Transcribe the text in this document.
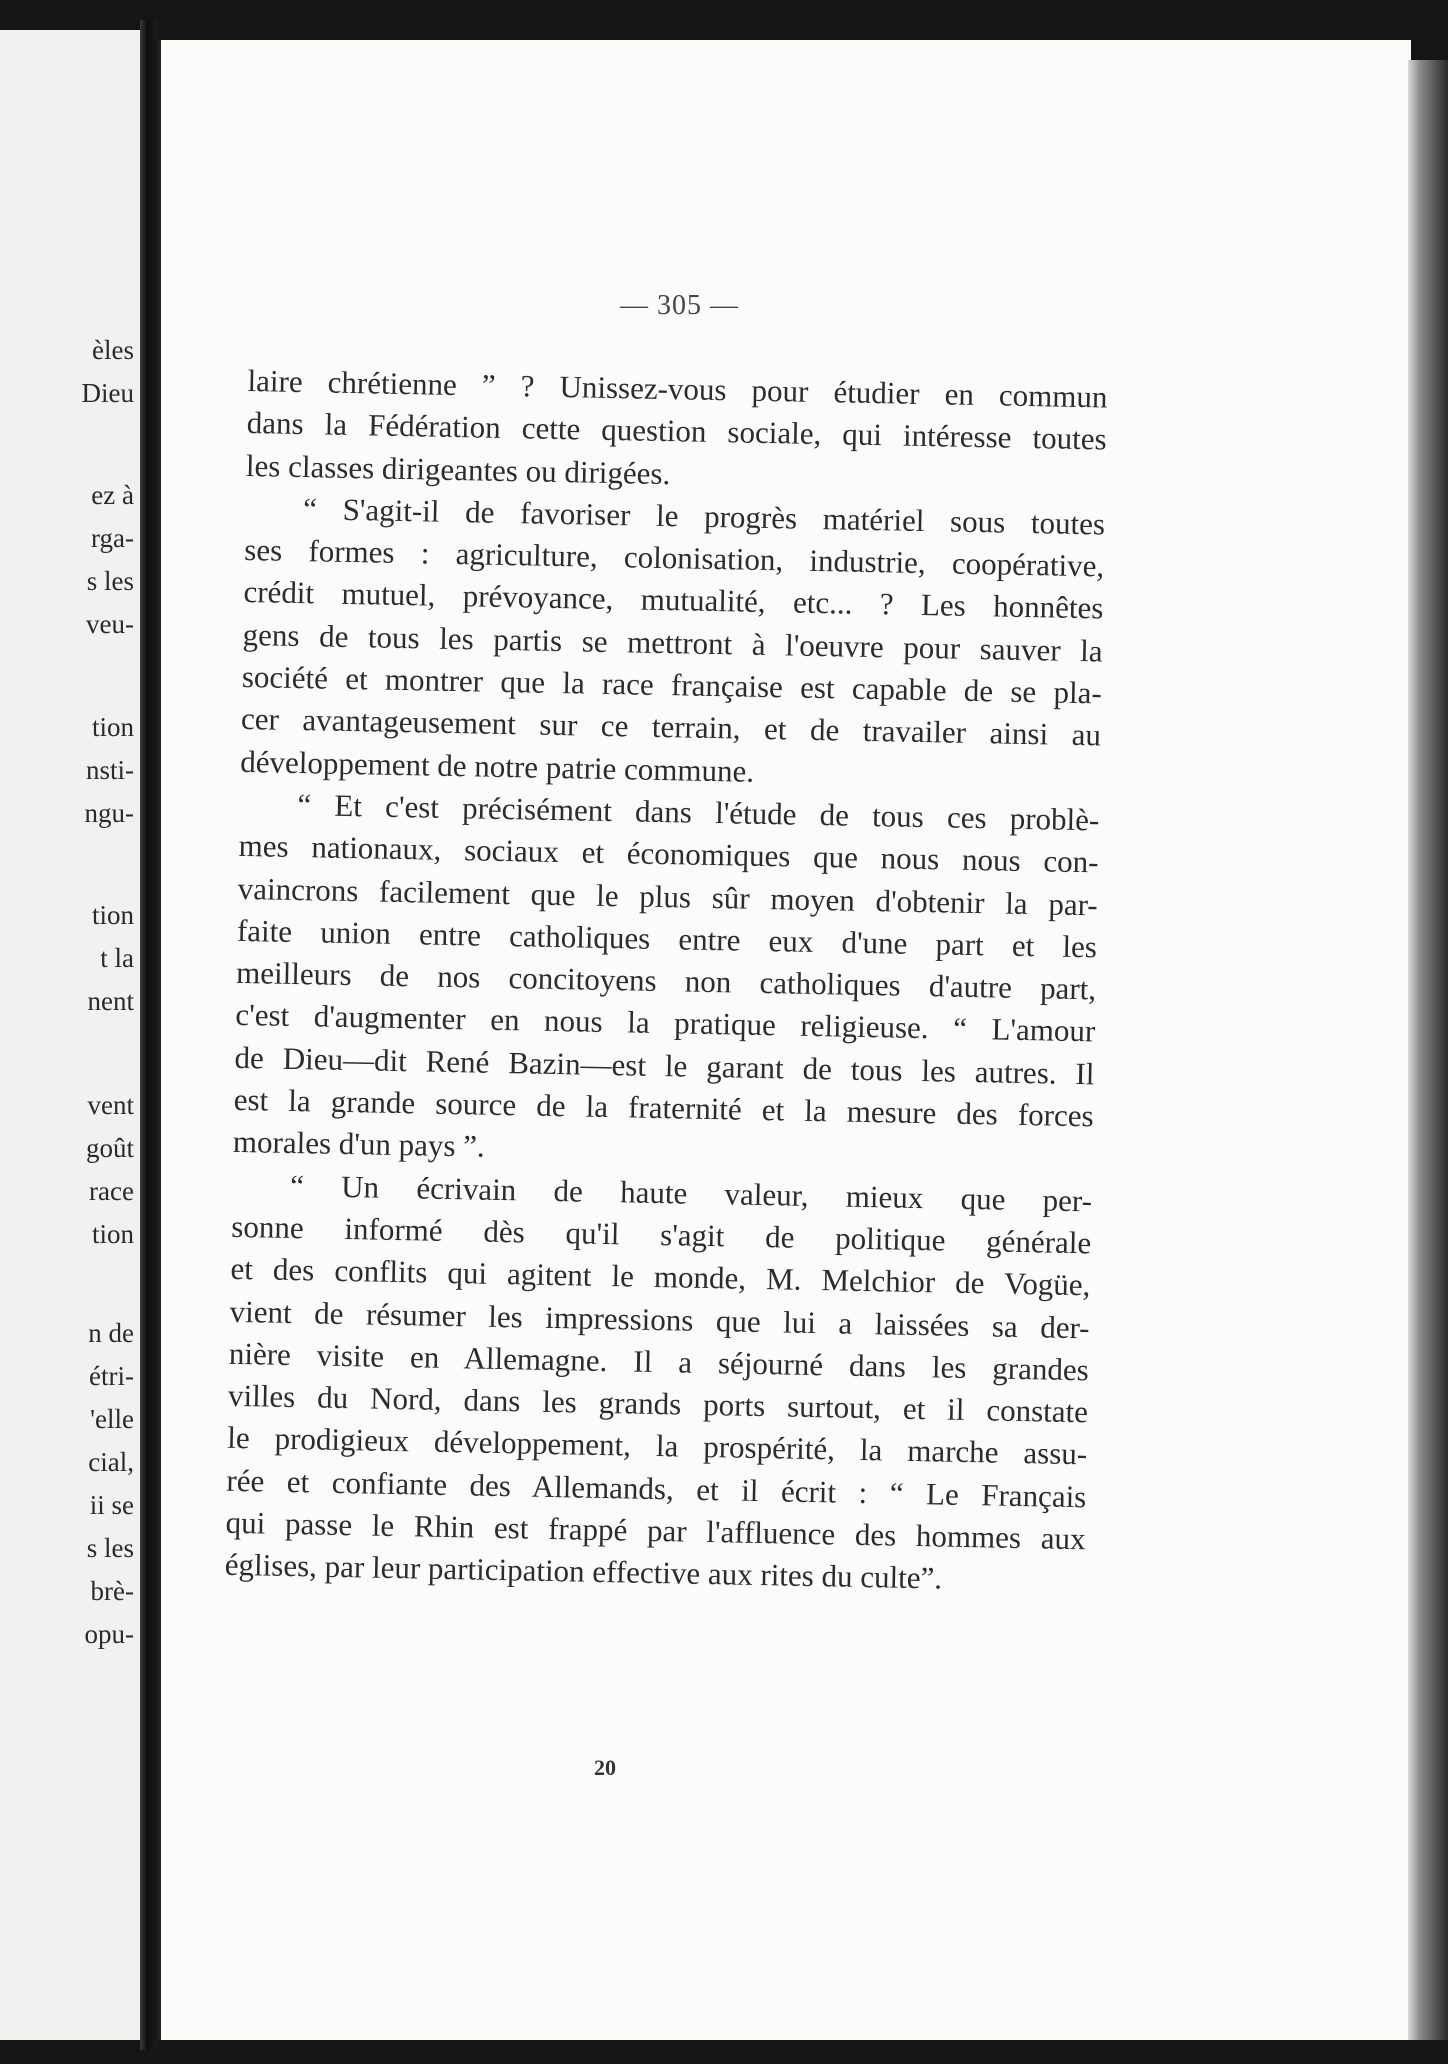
èles
Dieu
ez à
rga-
s les
veu-
tion
nsti-
ngu-
tion
t la
nent
vent
goût
race
tion
n de
étri-
'elle
cial,
ii se
s les
brè-
opu-
— 305 —
laire chrétienne ” ? Unissez-vous pour étudier en commun
dans la Fédération cette question sociale, qui intéresse toutes
les classes dirigeantes ou dirigées.
“ S'agit-il de favoriser le progrès matériel sous toutes
ses formes : agriculture, colonisation, industrie, coopérative,
crédit mutuel, prévoyance, mutualité, etc... ? Les honnêtes
gens de tous les partis se mettront à l'oeuvre pour sauver la
société et montrer que la race française est capable de se pla-
cer avantageusement sur ce terrain, et de travailer ainsi au
développement de notre patrie commune.
“ Et c'est précisément dans l'étude de tous ces problè-
mes nationaux, sociaux et économiques que nous nous con-
vaincrons facilement que le plus sûr moyen d'obtenir la par-
faite union entre catholiques entre eux d'une part et les
meilleurs de nos concitoyens non catholiques d'autre part,
c'est d'augmenter en nous la pratique religieuse. “ L'amour
de Dieu—dit René Bazin—est le garant de tous les autres. Il
est la grande source de la fraternité et la mesure des forces
morales d'un pays ”.
“ Un écrivain de haute valeur, mieux que per-
sonne informé dès qu'il s'agit de politique générale
et des conflits qui agitent le monde, M. Melchior de Vogüe,
vient de résumer les impressions que lui a laissées sa der-
nière visite en Allemagne. Il a séjourné dans les grandes
villes du Nord, dans les grands ports surtout, et il constate
le prodigieux développement, la prospérité, la marche assu-
rée et confiante des Allemands, et il écrit : “ Le Français
qui passe le Rhin est frappé par l'affluence des hommes aux
églises, par leur participation effective aux rites du culte”.
20
